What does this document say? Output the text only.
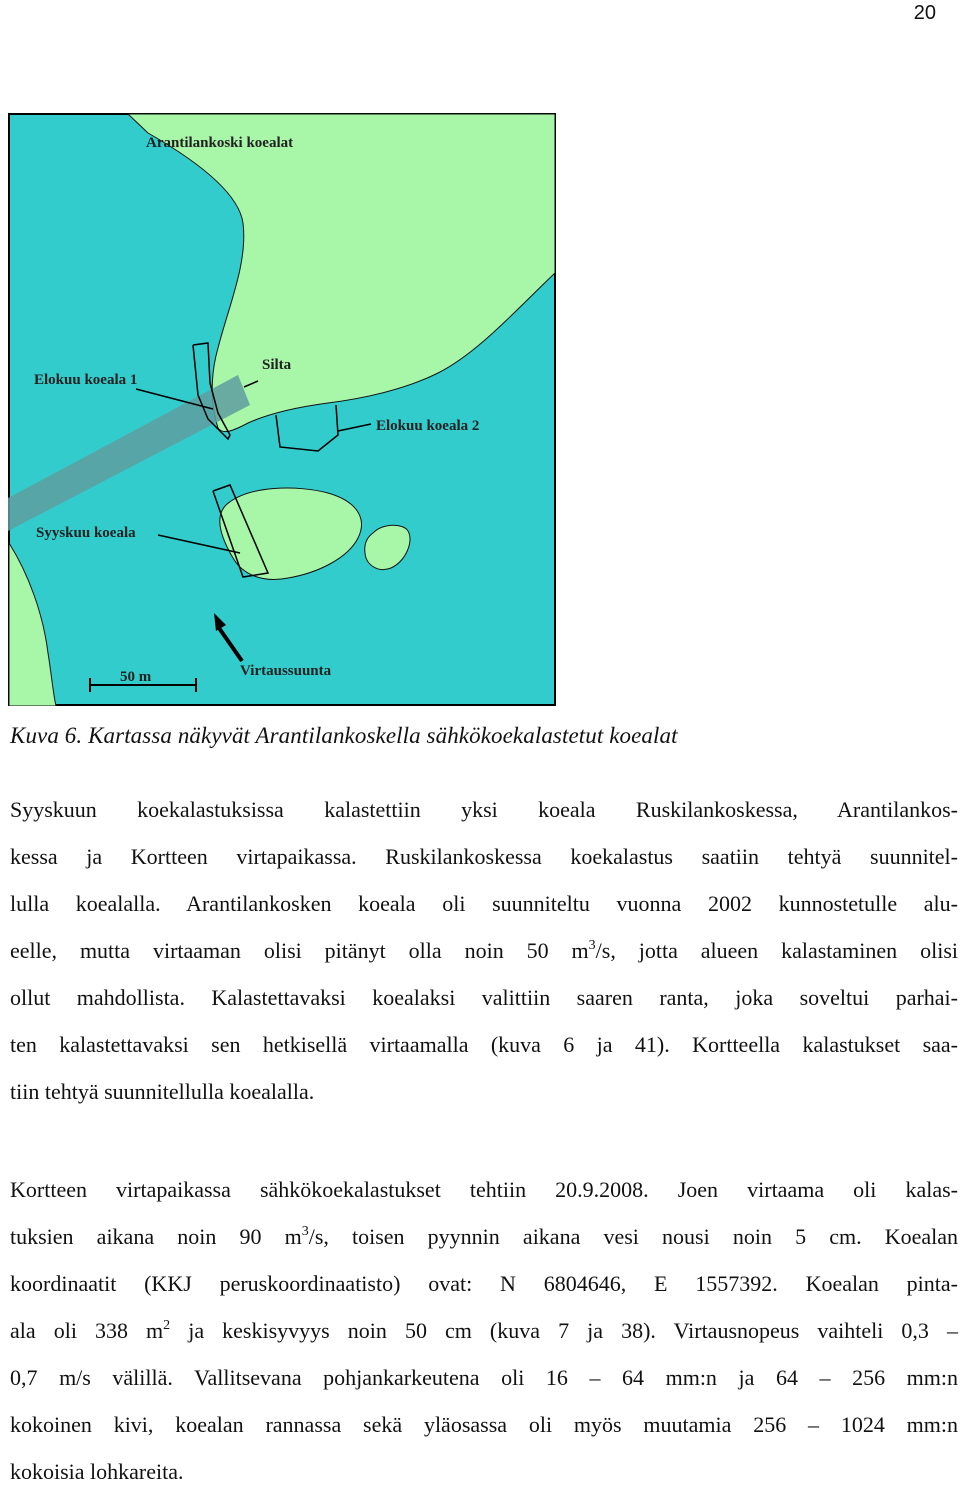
20
Arantilankoski koealat
Silta
Elokuu koeala 1
Elokuu koeala 2
Syyskuu koeala
50 m	Virtaussuunta
Kuva 6. Kartassa näkyvät Arantilankoskella sähkökoekalastetut koealat
Syyskuun koekalastuksissa kalastettiin yksi koeala Ruskilankoskessa, Arantilankos-
kessa ja Kortteen virtapaikassa. Ruskilankoskessa koekalastus saatiin tehtyä suunnitel-
lulla koealalla. Arantilankosken koeala oli suunniteltu vuonna 2002 kunnostetulle alu-
eelle, mutta virtaaman olisi pitänyt olla noin 50 $m^3/s$, jotta alueen kalastaminen olisi
ollut mahdollista. Kalastettavaksi koealaksi valittiin saaren ranta, joka soveltui parhai-
ten kalastettavaksi sen hetkisellä virtaamalla (kuva 6 ja 41). Kortteella kalastukset saa-
tiin tehtyä suunnitellulla koealalla.
Kortteen virtapaikassa sähkökoekalastukset tehtiin 20.9.2008. Joen virtaama oli kalas-
tuksien aikana noin 90 $m^3/s$, toisen pyynnin aikana vesi nousi noin 5 cm. Koealan
koordinaatit (KKJ peruskoordinaatisto) ovat: N 6804646, E 1557392. Koealan pinta-
ala oli 338 $m^2$ ja keskisyvyys noin 50 cm (kuva 7 ja 38). Virtausnopeus vaihteli 0,3 –
0,7 m/s välillä. Vallitsevana pohjankarkeutena oli 16 – 64 mm:n ja 64 – 256 mm:n
kokoinen kivi, koealan rannassa sekä yläosassa oli myös muutamia 256 – 1024 mm:n
kokoisia lohkareita.
